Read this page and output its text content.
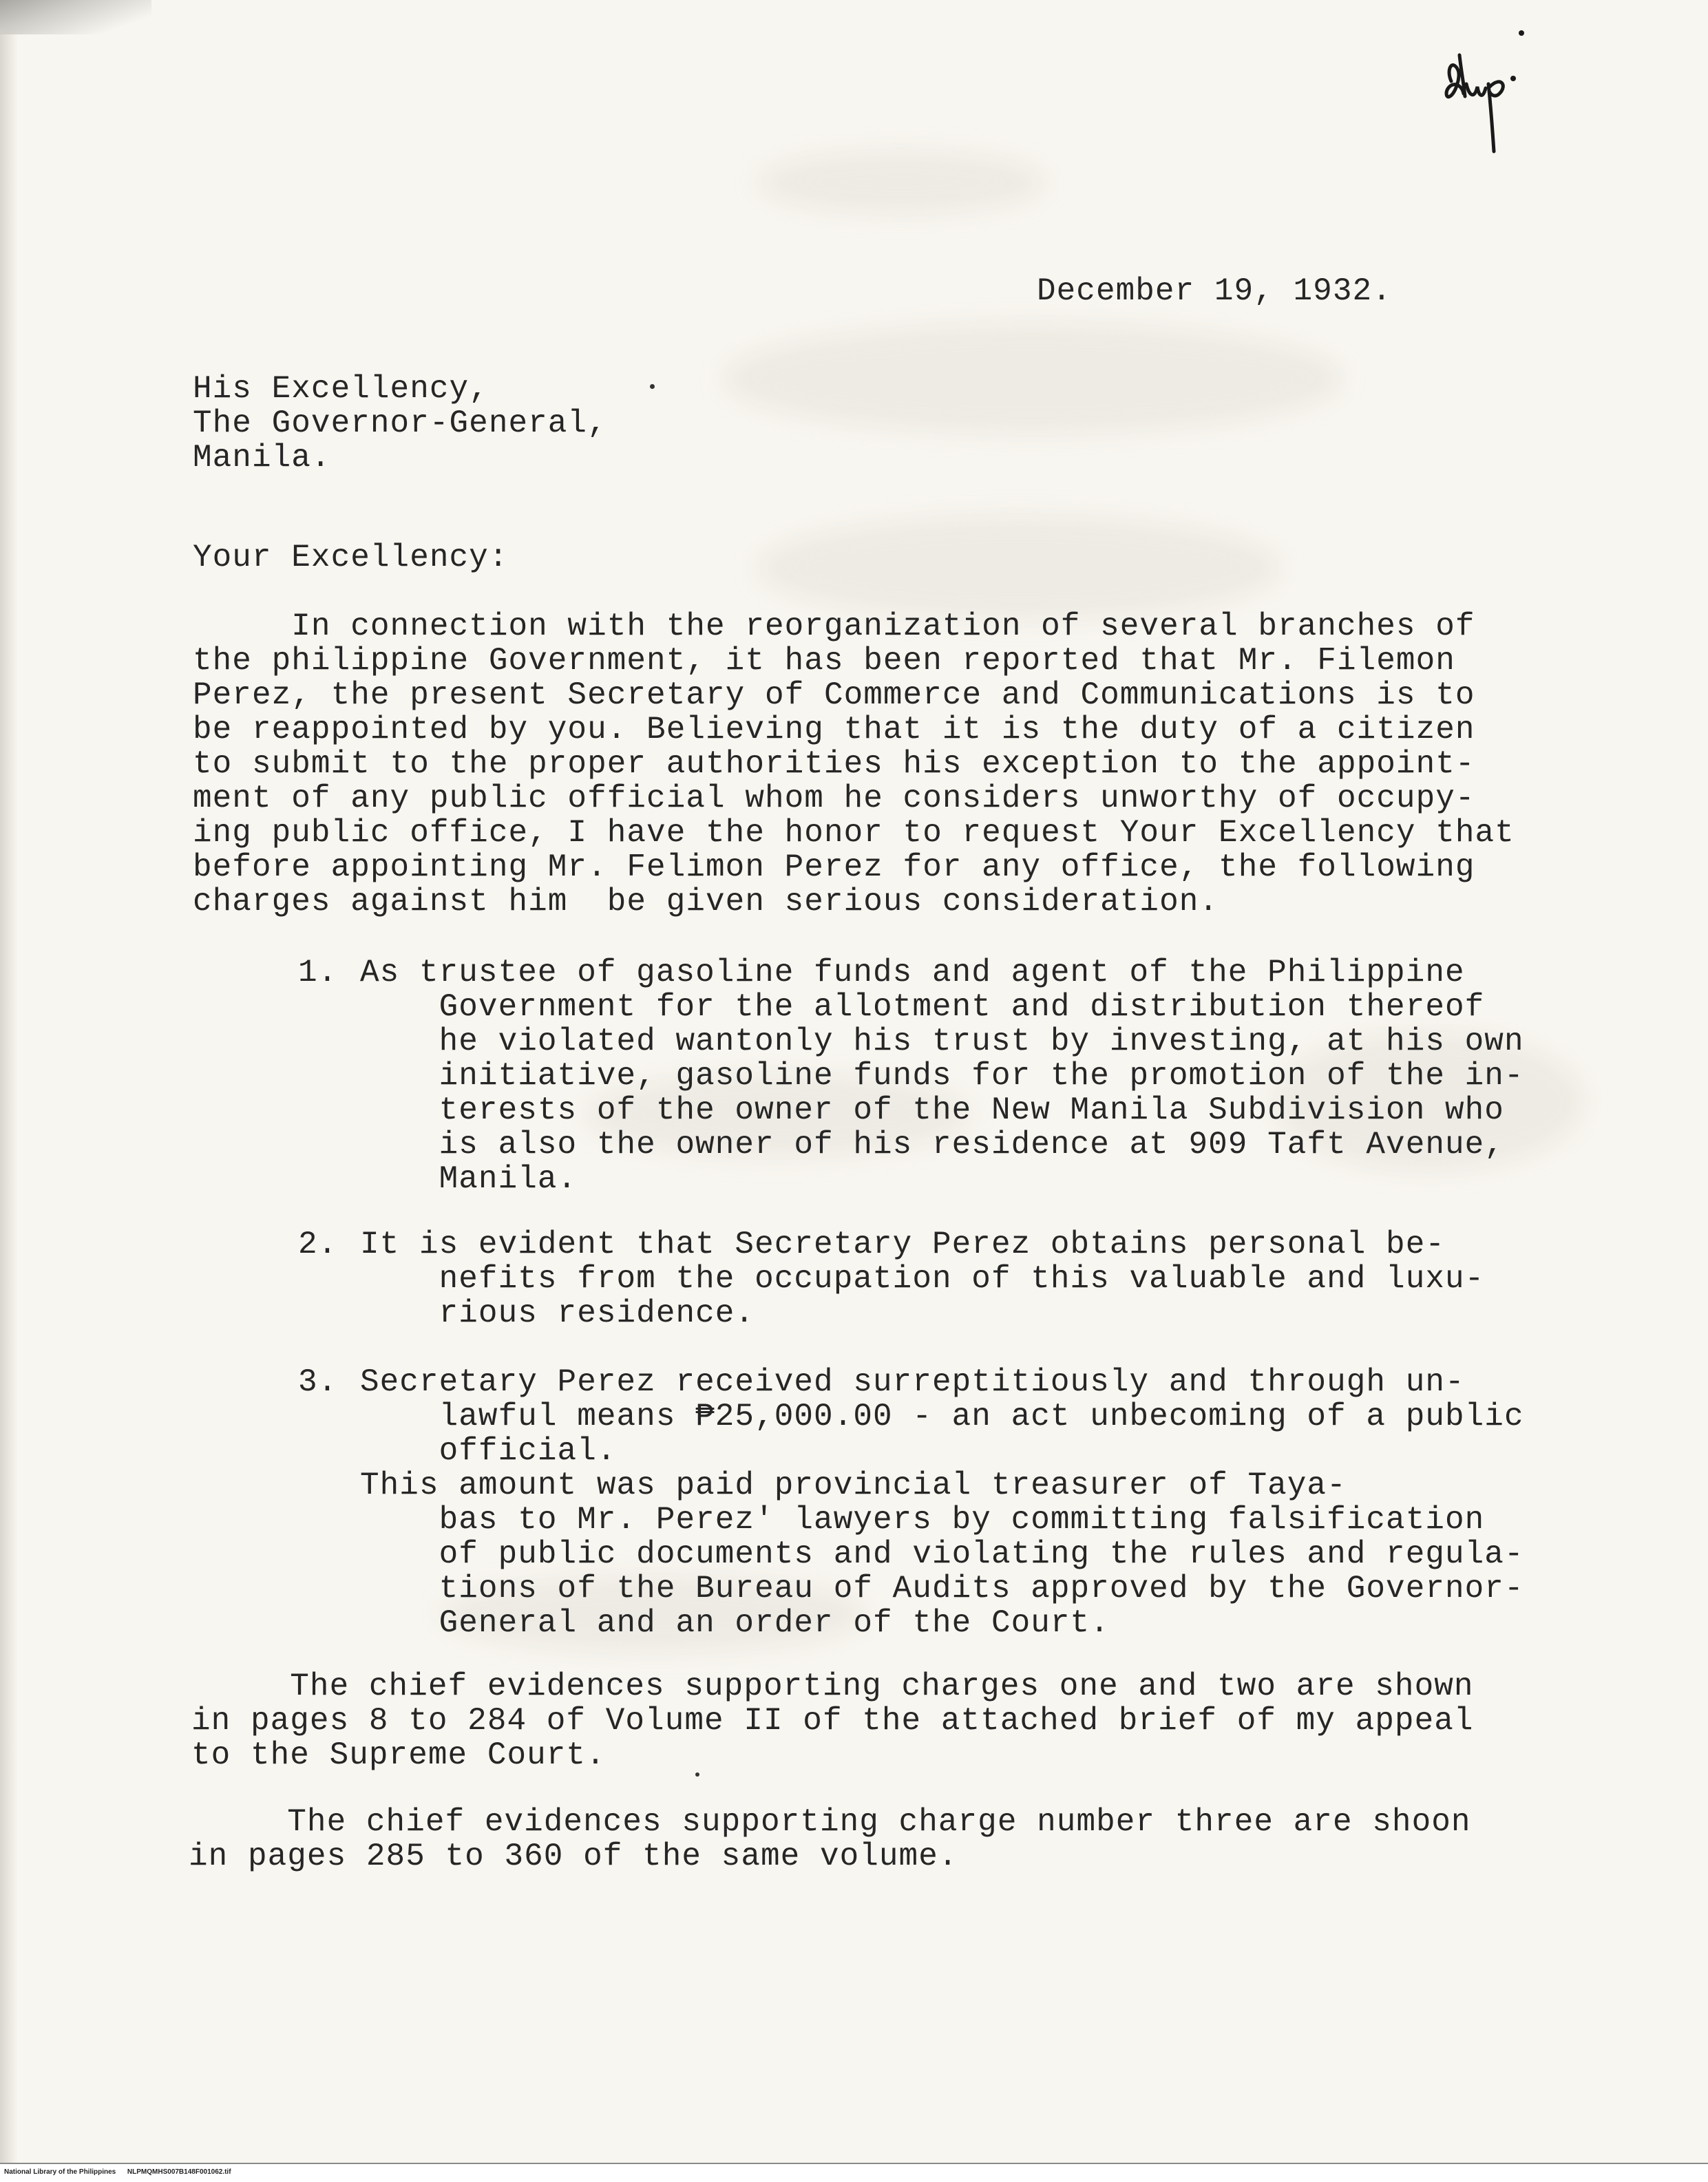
December 19, 1932.
His Excellency,
The Governor-General,
Manila.
Your Excellency:
In connection with the reorganization of several branches of
the philippine Government, it has been reported that Mr. Filemon
Perez, the present Secretary of Commerce and Communications is to
be reappointed by you. Believing that it is the duty of a citizen
to submit to the proper authorities his exception to the appoint-
ment of any public official whom he considers unworthy of occupy-
ing public office, I have the honor to request Your Excellency that
before appointing Mr. Felimon Perez for any office, the following
charges against him  be given serious consideration.
1. As trustee of gasoline funds and agent of the Philippine
Government for the allotment and distribution thereof
he violated wantonly his trust by investing, at his own
initiative, gasoline funds for the promotion of the in-
terests of the owner of the New Manila Subdivision who
is also the owner of his residence at 909 Taft Avenue,
Manila.
2. It is evident that Secretary Perez obtains personal be-
nefits from the occupation of this valuable and luxu-
rious residence.
3. Secretary Perez received surreptitiously and through un-
lawful means ₱25,000.00 - an act unbecoming of a public
official.
This amount was paid provincial treasurer of Taya-
bas to Mr. Perez' lawyers by committing falsification
of public documents and violating the rules and regula-
tions of the Bureau of Audits approved by the Governor-
General and an order of the Court.
The chief evidences supporting charges one and two are shown
in pages 8 to 284 of Volume II of the attached brief of my appeal
to the Supreme Court.
The chief evidences supporting charge number three are shoon
in pages 285 to 360 of the same volume.
National Library of the Philippines NLPMQMHS007B148F001062.tif
